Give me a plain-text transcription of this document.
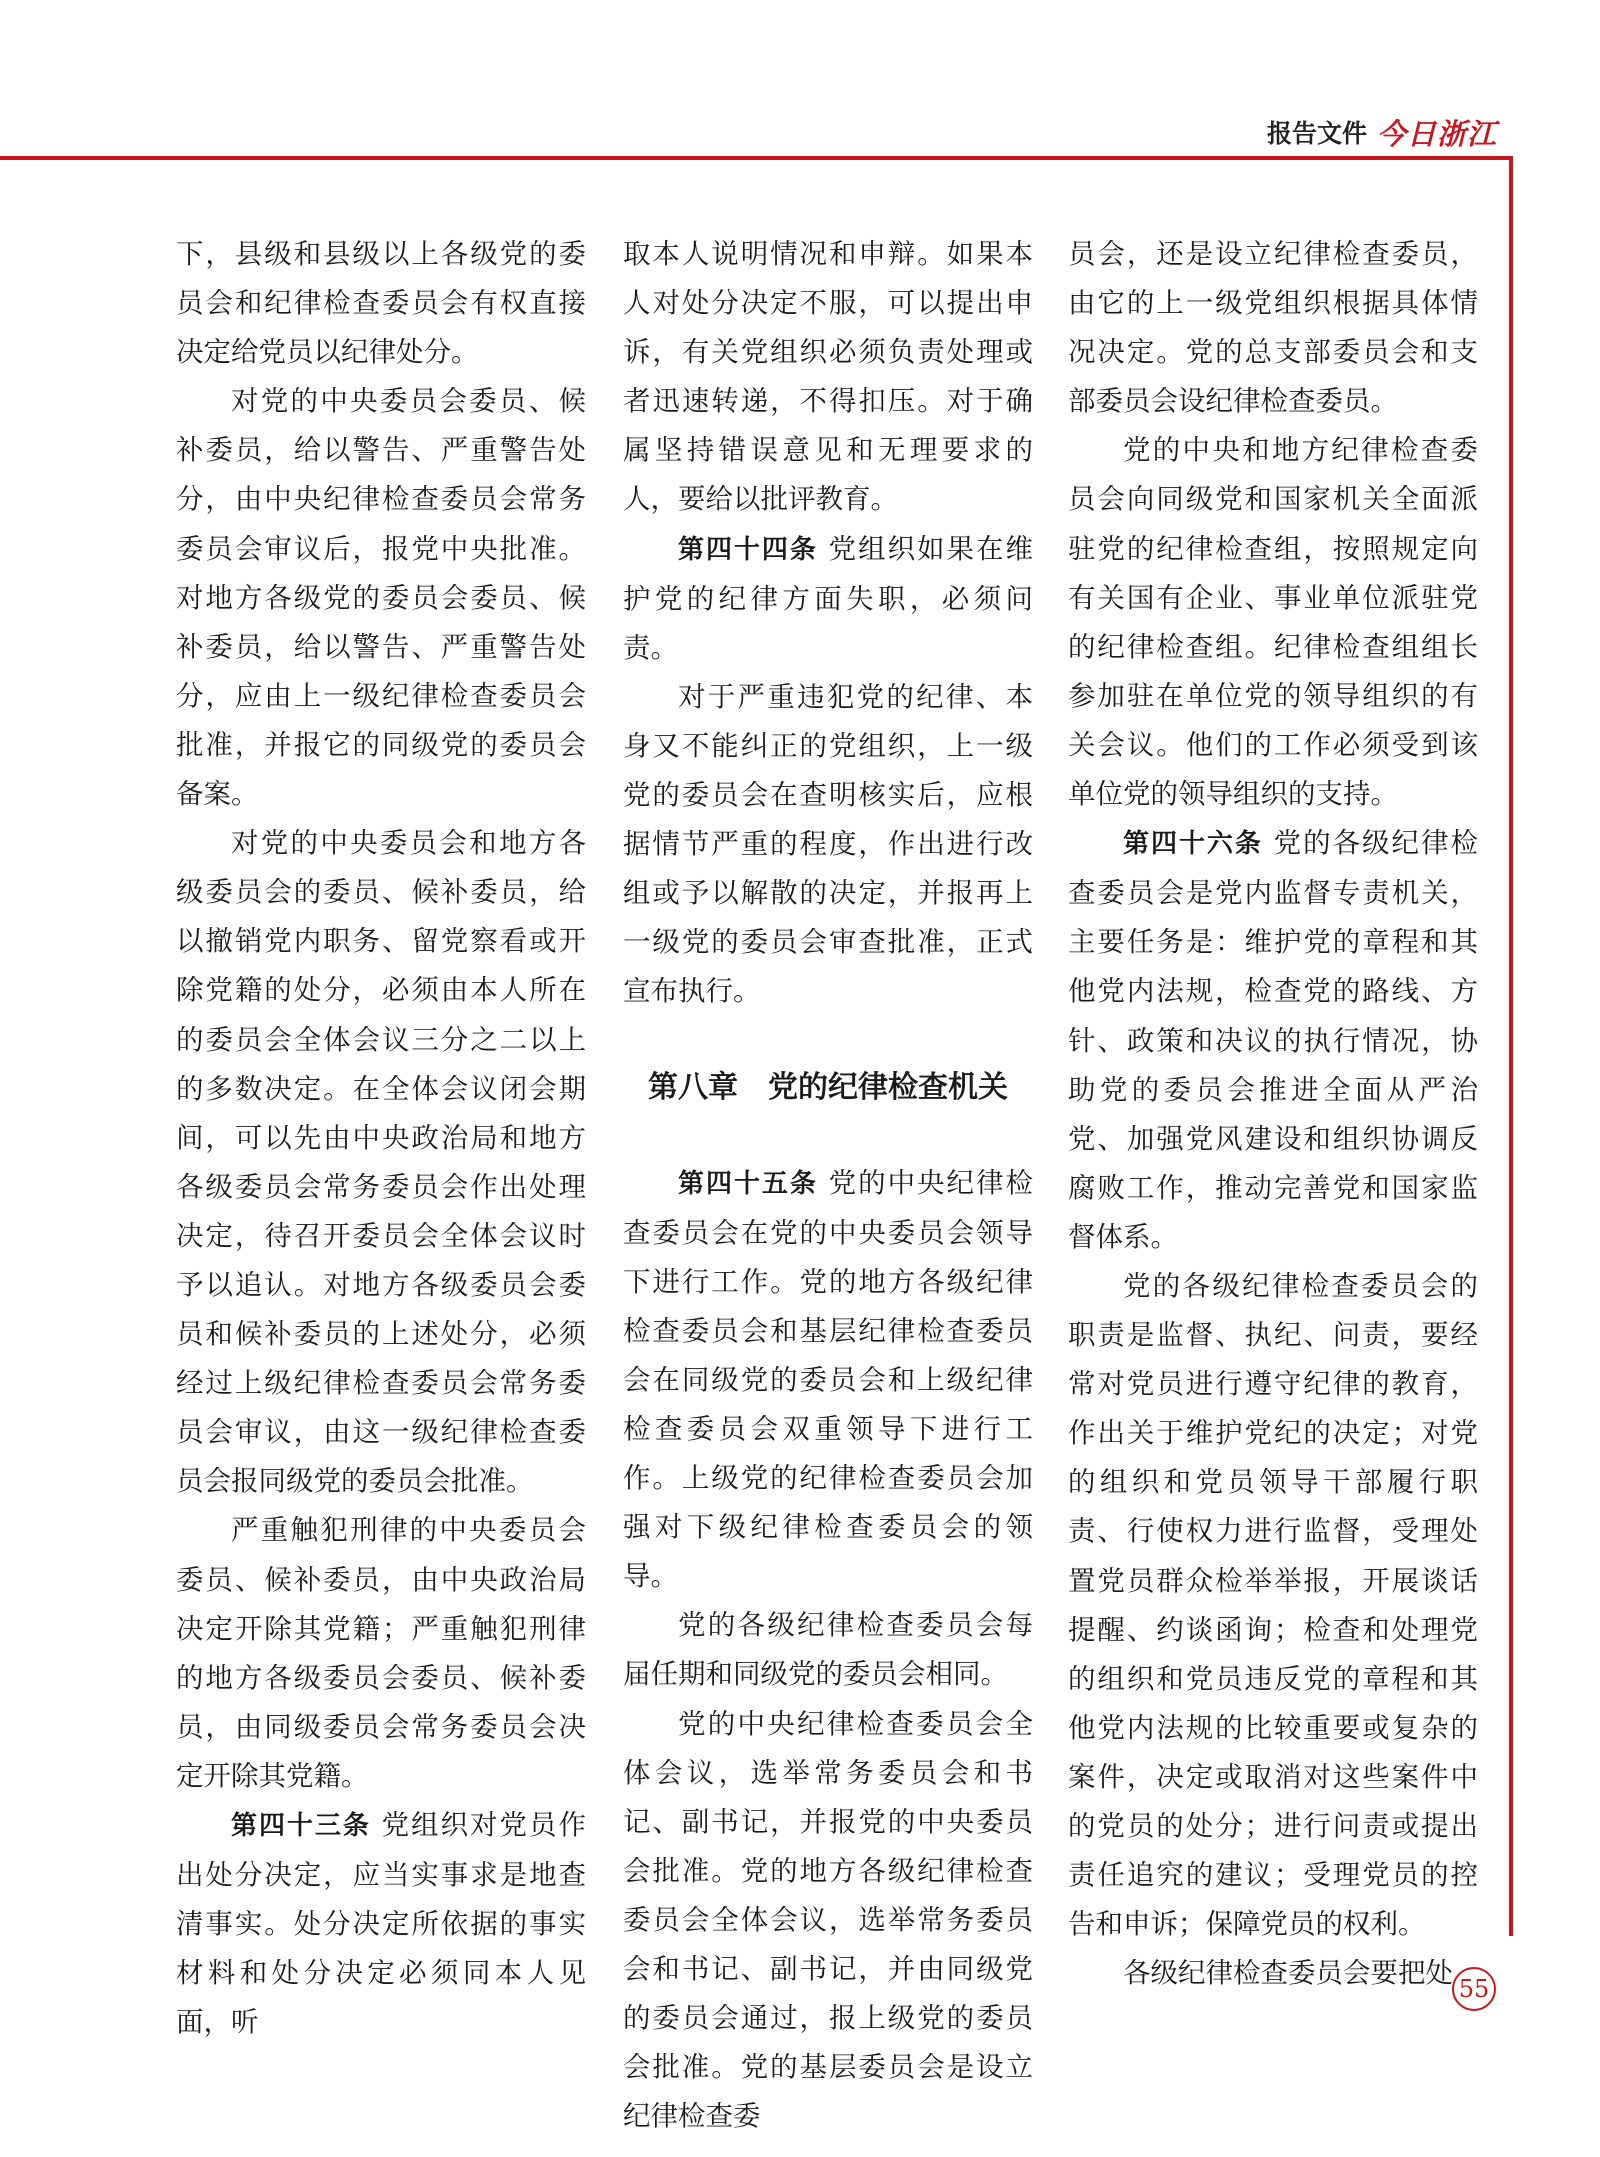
报告文件 今日浙江

下，县级和县级以上各级党的委员会和纪律检查委员会有权直接决定给党员以纪律处分。

对党的中央委员会委员、候补委员，给以警告、严重警告处分，由中央纪律检查委员会常务委员会审议后，报党中央批准。对地方各级党的委员会委员、候补委员，给以警告、严重警告处分，应由上一级纪律检查委员会批准，并报它的同级党的委员会备案。

对党的中央委员会和地方各级委员会的委员、候补委员，给以撤销党内职务、留党察看或开除党籍的处分，必须由本人所在的委员会全体会议三分之二以上的多数决定。在全体会议闭会期间，可以先由中央政治局和地方各级委员会常务委员会作出处理决定，待召开委员会全体会议时予以追认。对地方各级委员会委员和候补委员的上述处分，必须经过上级纪律检查委员会常务委员会审议，由这一级纪律检查委员会报同级党的委员会批准。

严重触犯刑律的中央委员会委员、候补委员，由中央政治局决定开除其党籍；严重触犯刑律的地方各级委员会委员、候补委员，由同级委员会常务委员会决定开除其党籍。

第四十三条 党组织对党员作出处分决定，应当实事求是地查清事实。处分决定所依据的事实材料和处分决定必须同本人见面，听

取本人说明情况和申辩。如果本人对处分决定不服，可以提出申诉，有关党组织必须负责处理或者迅速转递，不得扣压。对于确属坚持错误意见和无理要求的人，要给以批评教育。

第四十四条 党组织如果在维护党的纪律方面失职，必须问责。

对于严重违犯党的纪律、本身又不能纠正的党组织，上一级党的委员会在查明核实后，应根据情节严重的程度，作出进行改组或予以解散的决定，并报再上一级党的委员会审查批准，正式宣布执行。

第八章　党的纪律检查机关

第四十五条 党的中央纪律检查委员会在党的中央委员会领导下进行工作。党的地方各级纪律检查委员会和基层纪律检查委员会在同级党的委员会和上级纪律检查委员会双重领导下进行工作。上级党的纪律检查委员会加强对下级纪律检查委员会的领导。

党的各级纪律检查委员会每届任期和同级党的委员会相同。

党的中央纪律检查委员会全体会议，选举常务委员会和书记、副书记，并报党的中央委员会批准。党的地方各级纪律检查委员会全体会议，选举常务委员会和书记、副书记，并由同级党的委员会通过，报上级党的委员会批准。党的基层委员会是设立纪律检查委

员会，还是设立纪律检查委员，由它的上一级党组织根据具体情况决定。党的总支部委员会和支部委员会设纪律检查委员。

党的中央和地方纪律检查委员会向同级党和国家机关全面派驻党的纪律检查组，按照规定向有关国有企业、事业单位派驻党的纪律检查组。纪律检查组组长参加驻在单位党的领导组织的有关会议。他们的工作必须受到该单位党的领导组织的支持。

第四十六条 党的各级纪律检查委员会是党内监督专责机关，主要任务是：维护党的章程和其他党内法规，检查党的路线、方针、政策和决议的执行情况，协助党的委员会推进全面从严治党、加强党风建设和组织协调反腐败工作，推动完善党和国家监督体系。

党的各级纪律检查委员会的职责是监督、执纪、问责，要经常对党员进行遵守纪律的教育，作出关于维护党纪的决定；对党的组织和党员领导干部履行职责、行使权力进行监督，受理处置党员群众检举举报，开展谈话提醒、约谈函询；检查和处理党的组织和党员违反党的章程和其他党内法规的比较重要或复杂的案件，决定或取消对这些案件中的党员的处分；进行问责或提出责任追究的建议；受理党员的控告和申诉；保障党员的权利。

各级纪律检查委员会要把处 55
